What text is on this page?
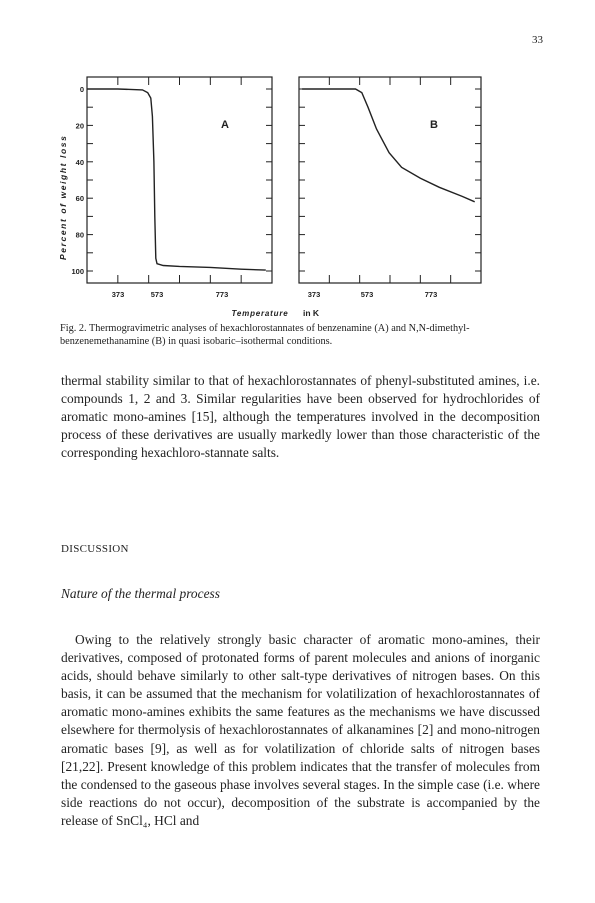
33
A	B
0
20
40
60
80
100
Percent of weight loss
373	573	773	373	573	773
Temperature in K
Fig. 2. Thermogravimetric analyses of hexachlorostannates of benzenamine (A) and N,N-dimethyl-benzenemethanamine (B) in quasi isobaric–isothermal conditions.
thermal stability similar to that of hexachlorostannates of phenyl-substituted amines, i.e. compounds 1, 2 and 3. Similar regularities have been observed for hydrochlorides of aromatic mono-amines [15], although the temperatures involved in the decomposition process of these derivatives are usually markedly lower than those characteristic of the corresponding hexachloro-stannate salts.
DISCUSSION
Nature of the thermal process
Owing to the relatively strongly basic character of aromatic mono-amines, their derivatives, composed of protonated forms of parent molecules and anions of inorganic acids, should behave similarly to other salt-type derivatives of nitrogen bases. On this basis, it can be assumed that the mechanism for volatilization of hexachlorostannates of aromatic mono-amines exhibits the same features as the mechanisms we have discussed elsewhere for thermolysis of hexachlorostannates of alkanamines [2] and mono-nitrogen aromatic bases [9], as well as for volatilization of chloride salts of nitrogen bases [21,22]. Present knowledge of this problem indicates that the transfer of molecules from the condensed to the gaseous phase involves several stages. In the simple case (i.e. where side reactions do not occur), decomposition of the substrate is accompanied by the release of SnCl₄, HCl and
